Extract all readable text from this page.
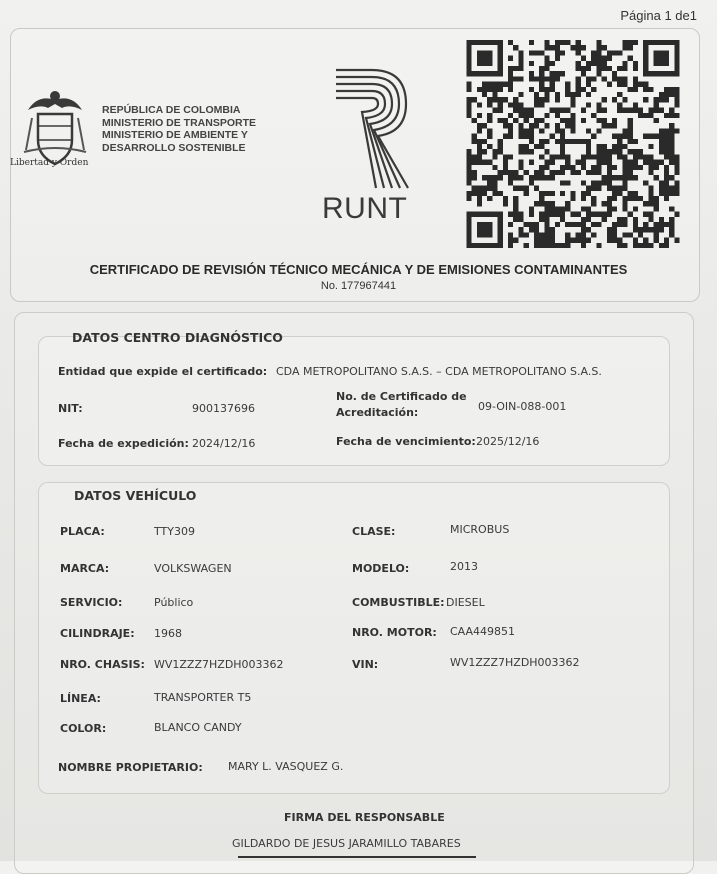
Página 1 de1
Libertad y Orden
REPÚBLICA DE COLOMBIA
MINISTERIO DE TRANSPORTE
MINISTERIO DE AMBIENTE Y
DESARROLLO SOSTENIBLE
RUNT
CERTIFICADO DE REVISIÓN TÉCNICO MECÁNICA Y DE EMISIONES CONTAMINANTES
No. 177967441
DATOS CENTRO DIAGNÓSTICO
Entidad que expide el certificado: CDA METROPOLITANO S.A.S. – CDA METROPOLITANO S.A.S.
NIT:	900137696
No. de Certificado de
Acreditación:	09-OIN-088-001
Fecha de expedición: 2024/12/16	Fecha de vencimiento: 2025/12/16
DATOS VEHÍCULO
PLACA:	TTY309	CLASE:	MICROBUS
MARCA:	VOLKSWAGEN	MODELO:	2013
SERVICIO:	Público	COMBUSTIBLE: DIESEL
CILINDRAJE: 1968	NRO. MOTOR: CAA449851
NRO. CHASIS: WV1ZZZ7HZDH003362	VIN:	WV1ZZZ7HZDH003362
LÍNEA:	TRANSPORTER T5
COLOR:	BLANCO CANDY
NOMBRE PROPIETARIO: MARY L. VASQUEZ G.
FIRMA DEL RESPONSABLE
GILDARDO DE JESUS JARAMILLO TABARES
